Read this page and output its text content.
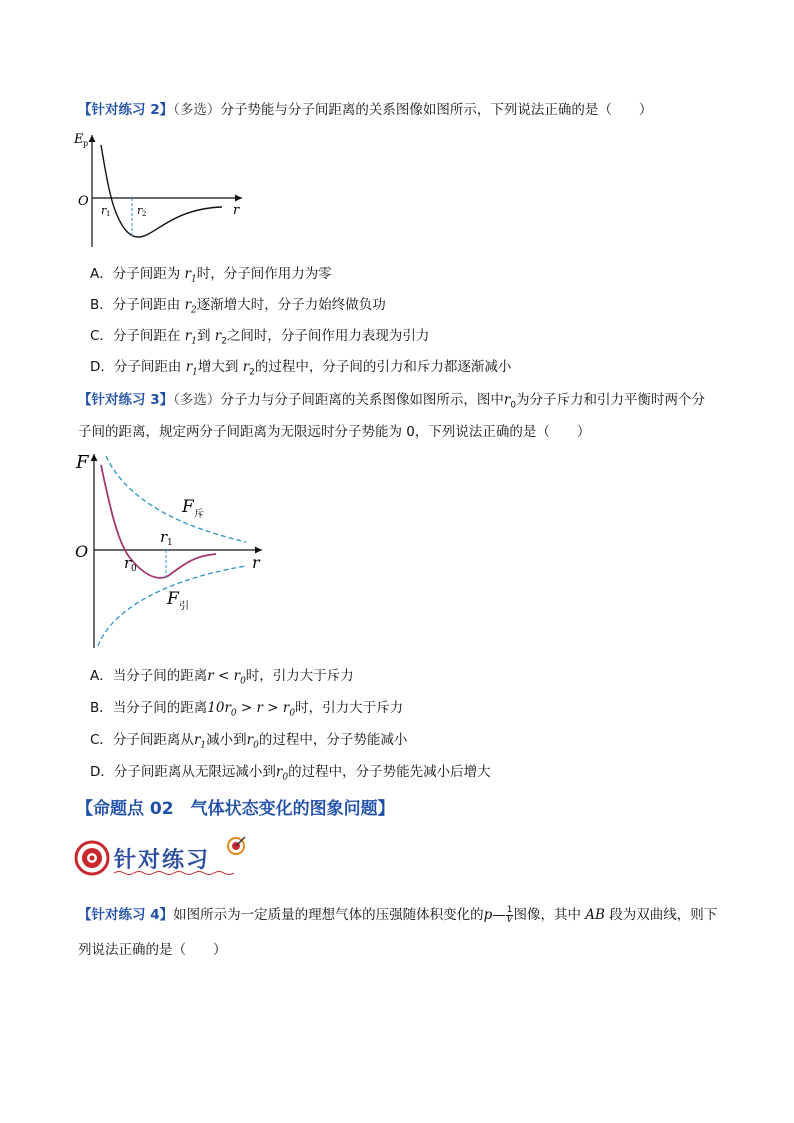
【针对练习 2】（多选）分子势能与分子间距离的关系图像如图所示，下列说法正确的是（　　）
E p
O
r
r 1 r 2
A．分子间距为 $r_1$时，分子间作用力为零
B．分子间距由 $r_2$逐渐增大时，分子力始终做负功
C．分子间距在 $r_1$到 $r_2$之间时，分子间作用力表现为引力
D．分子间距由 $r_1$增大到 $r_2$的过程中，分子间的引力和斥力都逐渐减小
【针对练习 3】（多选）分子力与分子间距离的关系图像如图所示，图中$r_0$为分子斥力和引力平衡时两个分
子间的距离，规定两分子间距离为无限远时分子势能为 0，下列说法正确的是（　　）
F
O
r
r 0
r 1
F 斥
F 引
A．当分子间的距离$r < r_0$时，引力大于斥力
B．当分子间的距离$10r_0 > r > r_0$时，引力大于斥力
C．分子间距离从$r_1$减小到$r_0$的过程中，分子势能减小
D．分子间距离从无限远减小到$r_0$的过程中，分子势能先减小后增大
【命题点 02　气体状态变化的图象问题】
针对练习
【针对练习 4】如图所示为一定质量的理想气体的压强随体积变化的p— $\frac{1}{V}$ 图像，其中 AB 段为双曲线，则下
列说法正确的是（　　）
